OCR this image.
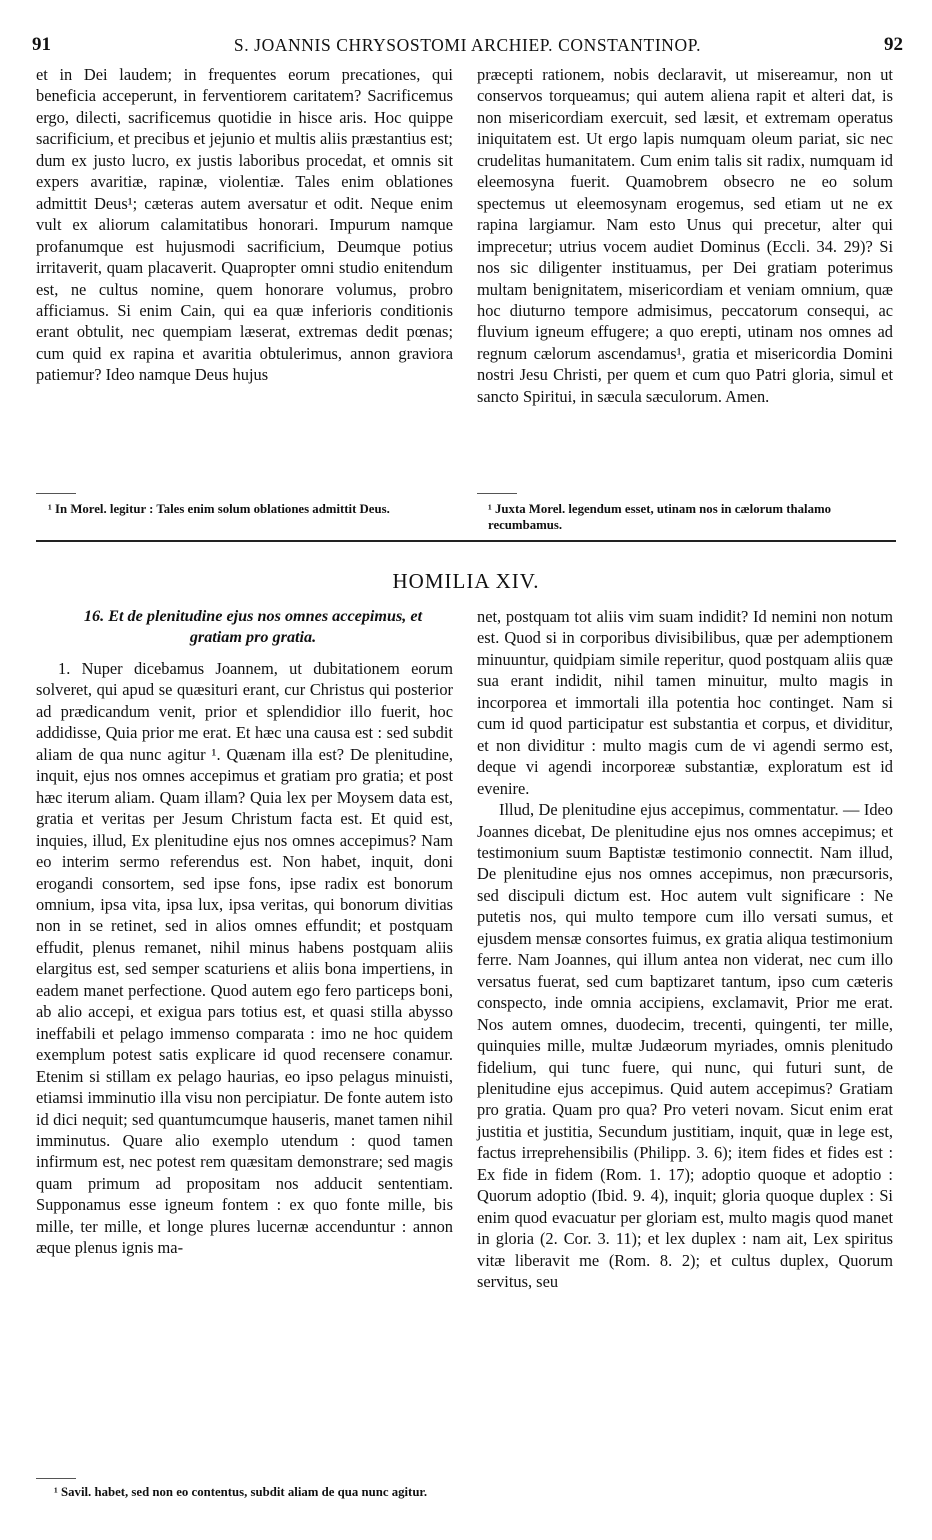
91	S. JOANNIS CHRYSOSTOMI ARCHIEP. CONSTANTINOP.	92

et in Dei laudem; in frequentes eorum precationes, qui beneficia acceperunt, in ferventiorem caritatem? Sacrificemus ergo, dilecti, sacrificemus quotidie in hisce aris. Hoc quippe sacrificium, et precibus et jejunio et multis aliis præstantius est; dum ex justo lucro, ex justis laboribus procedat, et omnis sit expers avaritiæ, rapinæ, violentiæ. Tales enim oblationes admittit Deus¹; cæteras autem aversatur et odit. Neque enim vult ex aliorum calamitatibus honorari. Impurum namque profanumque est hujusmodi sacrificium, Deumque potius irritaverit, quam placaverit. Quapropter omni studio enitendum est, ne cultus nomine, quem honorare volumus, probro afficiamus. Si enim Cain, qui ea quæ inferioris conditionis erant obtulit, nec quempiam læserat, extremas dedit pœnas; cum quid ex rapina et avaritia obtulerimus, annon graviora patiemur? Ideo namque Deus hujus

præcepti rationem, nobis declaravit, ut misereamur, non ut conservos torqueamus; qui autem aliena rapit et alteri dat, is non misericordiam exercuit, sed læsit, et extremam operatus iniquitatem est. Ut ergo lapis numquam oleum pariat, sic nec crudelitas humanitatem. Cum enim talis sit radix, numquam id eleemosyna fuerit. Quamobrem obsecro ne eo solum spectemus ut eleemosynam erogemus, sed etiam ut ne ex rapina largiamur. Nam esto Unus qui precetur, alter qui imprecetur; utrius vocem audiet Dominus (Eccli. 34. 29)? Si nos sic diligenter instituamus, per Dei gratiam poterimus multam benignitatem, misericordiam et veniam omnium, quæ hoc diuturno tempore admisimus, peccatorum consequi, ac fluvium igneum effugere; a quo erepti, utinam nos omnes ad regnum cælorum ascendamus¹, gratia et misericordia Domini nostri Jesu Christi, per quem et cum quo Patri gloria, simul et sancto Spiritui, in sæcula sæculorum. Amen.

¹ In Morel. legitur : Tales enim solum oblationes admittit Deus.	¹ Juxta Morel. legendum esset, utinam nos in cælorum thalamo recumbamus.
HOMILIA XIV.
16. Et de plenitudine ejus nos omnes accepimus, et gratiam pro gratia.

1. Nuper dicebamus Joannem, ut dubitationem eorum solveret, qui apud se quæsituri erant, cur Christus qui posterior ad prædicandum venit, prior et splendidior illo fuerit, hoc addidisse, Quia prior me erat. Et hæc una causa est : sed subdit aliam de qua nunc agitur ¹. Quænam illa est? De plenitudine, inquit, ejus nos omnes accepimus et gratiam pro gratia; et post hæc iterum aliam. Quam illam? Quia lex per Moysem data est, gratia et veritas per Jesum Christum facta est. Et quid est, inquies, illud, Ex plenitudine ejus nos omnes accepimus? Nam eo interim sermo referendus est. Non habet, inquit, doni erogandi consortem, sed ipse fons, ipse radix est bonorum omnium, ipsa vita, ipsa lux, ipsa veritas, qui bonorum divitias non in se retinet, sed in alios omnes effundit; et postquam effudit, plenus remanet, nihil minus habens postquam aliis elargitus est, sed semper scaturiens et aliis bona impertiens, in eadem manet perfectione. Quod autem ego fero particeps boni, ab alio accepi, et exigua pars totius est, et quasi stilla abysso ineffabili et pelago immenso comparata : imo ne hoc quidem exemplum potest satis explicare id quod recensere conamur. Etenim si stillam ex pelago haurias, eo ipso pelagus minuisti, etiamsi imminutio illa visu non percipiatur. De fonte autem isto id dici nequit; sed quantumcumque hauseris, manet tamen nihil imminutus. Quare alio exemplo utendum : quod tamen infirmum est, nec potest rem quæsitam demonstrare; sed magis quam primum ad propositam nos adducit sententiam. Supponamus esse igneum fontem : ex quo fonte mille, bis mille, ter mille, et longe plures lucernæ accenduntur : annon æque plenus ignis ma-

net, postquam tot aliis vim suam indidit? Id nemini non notum est. Quod si in corporibus divisibilibus, quæ per ademptionem minuuntur, quidpiam simile reperitur, quod postquam aliis quæ sua erant indidit, nihil tamen minuitur, multo magis in incorporea et immortali illa potentia hoc continget. Nam si cum id quod participatur est substantia et corpus, et dividitur, et non dividitur : multo magis cum de vi agendi sermo est, deque vi agendi incorporeæ substantiæ, exploratum est id evenire.

Illud, De plenitudine ejus accepimus, commentatur. — Ideo Joannes dicebat, De plenitudine ejus nos omnes accepimus; et testimonium suum Baptistæ testimonio connectit. Nam illud, De plenitudine ejus nos omnes accepimus, non præcursoris, sed discipuli dictum est. Hoc autem vult significare : Ne putetis nos, qui multo tempore cum illo versati sumus, et ejusdem mensæ consortes fuimus, ex gratia aliqua testimonium ferre. Nam Joannes, qui illum antea non viderat, nec cum illo versatus fuerat, sed cum baptizaret tantum, ipso cum cæteris conspecto, inde omnia accipiens, exclamavit, Prior me erat. Nos autem omnes, duodecim, trecenti, quingenti, ter mille, quinquies mille, multæ Judæorum myriades, omnis plenitudo fidelium, qui tunc fuere, qui nunc, qui futuri sunt, de plenitudine ejus accepimus. Quid autem accepimus? Gratiam pro gratia. Quam pro qua? Pro veteri novam. Sicut enim erat justitia et justitia, Secundum justitiam, inquit, quæ in lege est, factus irreprehensibilis (Philipp. 3. 6); item fides et fides est : Ex fide in fidem (Rom. 1. 17); adoptio quoque et adoptio : Quorum adoptio (Ibid. 9. 4), inquit; gloria quoque duplex : Si enim quod evacuatur per gloriam est, multo magis quod manet in gloria (2. Cor. 3. 11); et lex duplex : nam ait, Lex spiritus vitæ liberavit me (Rom. 8. 2); et cultus duplex, Quorum servitus, seu

¹ Savil. habet, sed non eo contentus, subdit aliam de qua nunc agitur.
